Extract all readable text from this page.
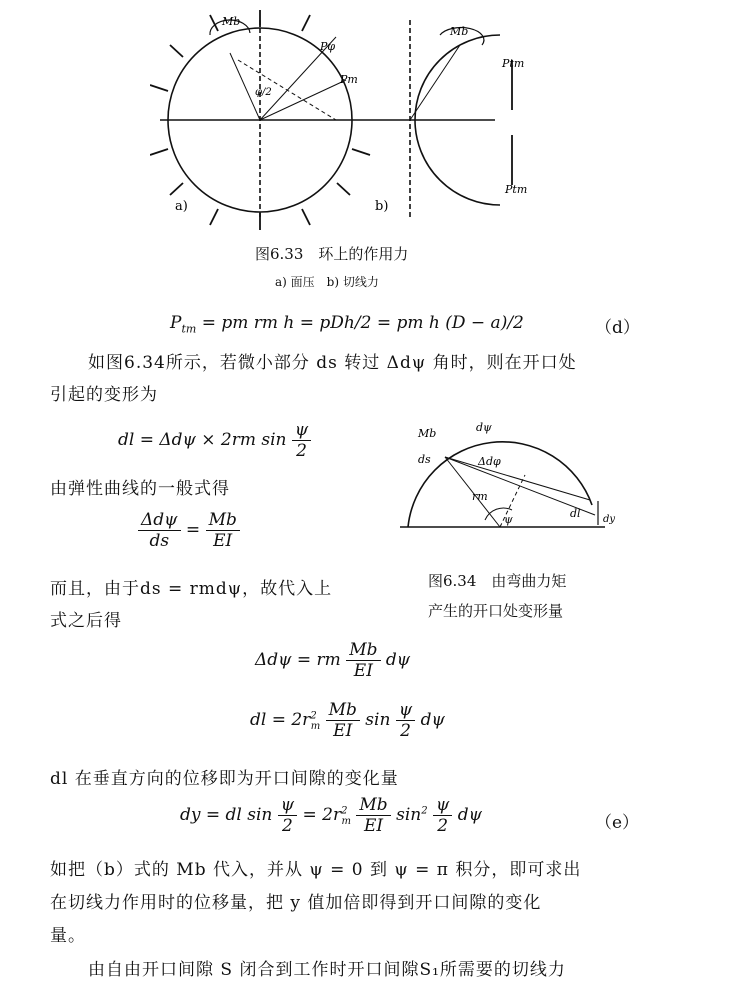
a)	b)
Mb
Pφ
Pm
φ/2
Mb
Ptm
Ptm
图6.33　环上的作用力
a) 面压　b) 切线力
$P_{tm}$ = pm rm h = pDh/2 = pm h (D − a)/2	（d）
如图6.34所示，若微小部分 ds 转过 Δdψ 角时，则在开口处
引起的变形为
dl = Δdψ × 2rm $\sin \frac{\psi}{2}$
由弹性曲线的一般式得
$\frac{\text{Δdψ}}{ds} = \frac{Mb}{EI}$
而且，由于ds = rmdψ，故代入上
式之后得
Mb	dψ
ds	Δdφ
rm
ψ	dl dy
图6.34　由弯曲力矩
产生的开口处变形量
Δdψ = rm $\frac{Mb}{EI}$ dψ
dl = $2r^2_m \frac{Mb}{EI}$ $\sin \frac{\psi}{2}$ dψ
dl 在垂直方向的位移即为开口间隙的变化量
dy = dl $\sin \frac{\psi}{2} = 2r^2_m \frac{Mb}{EI} \sin^2 \frac{\psi}{2}$ dψ	（e）
如把（b）式的 Mb 代入，并从 ψ = 0 到 ψ = π 积分，即可求出
在切线力作用时的位移量，把 y 值加倍即得到开口间隙的变化
量。
由自由开口间隙 S 闭合到工作时开口间隙S₁所需要的切线力
